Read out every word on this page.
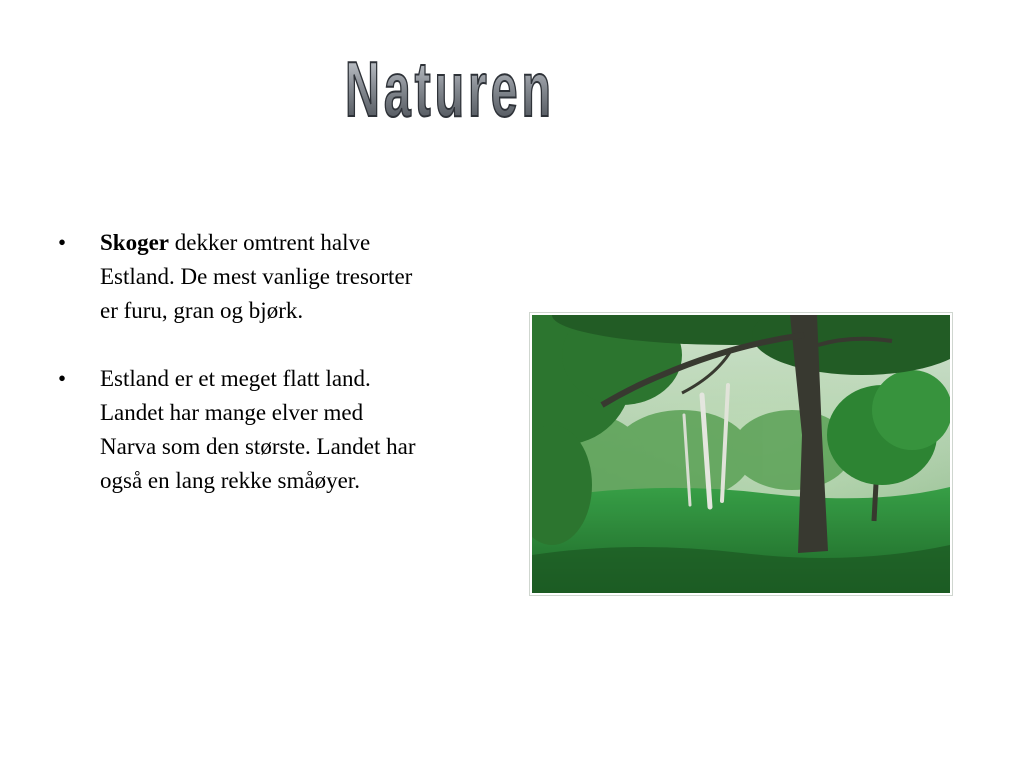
Naturen
•	Skoger dekker omtrent halve Estland. De mest vanlige tresorter er furu, gran og bjørk.
•	Estland er et meget flatt land. Landet har mange elver med Narva som den største. Landet har også en lang rekke småøyer.
